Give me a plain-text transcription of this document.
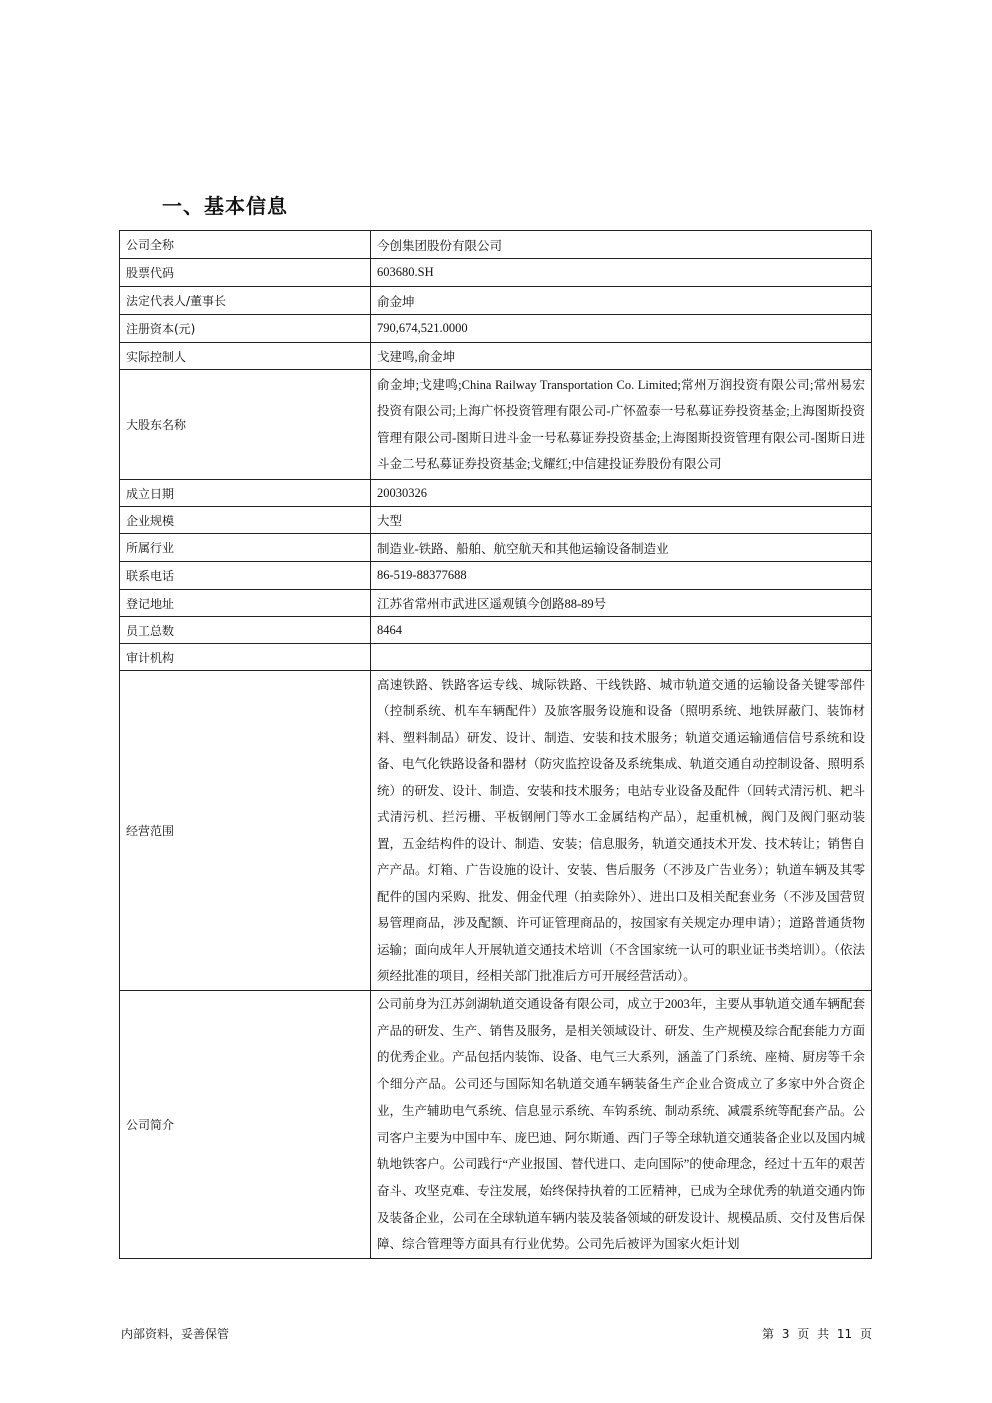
一、基本信息
公司全称	今创集团股份有限公司
股票代码	603680.SH
法定代表人/董事长	俞金坤
注册资本(元)	790,674,521.0000
实际控制人	戈建鸣,俞金坤
大股东名称	俞金坤;戈建鸣;China Railway Transportation Co. Limited;常州万润投资有限公司;常州易宏投资有限公司;上海广怀投资管理有限公司-广怀盈泰一号私募证券投资基金;上海图斯投资管理有限公司-图斯日进斗金一号私募证券投资基金;上海图斯投资管理有限公司-图斯日进斗金二号私募证券投资基金;戈耀红;中信建投证券股份有限公司
成立日期	20030326
企业规模	大型
所属行业	制造业-铁路、船舶、航空航天和其他运输设备制造业
联系电话	86-519-88377688
登记地址	江苏省常州市武进区遥观镇今创路88-89号
员工总数	8464
审计机构	
经营范围	高速铁路、铁路客运专线、城际铁路、干线铁路、城市轨道交通的运输设备关键零部件（控制系统、机车车辆配件）及旅客服务设施和设备（照明系统、地铁屏蔽门、装饰材料、塑料制品）研发、设计、制造、安装和技术服务；轨道交通运输通信信号系统和设备、电气化铁路设备和器材（防灾监控设备及系统集成、轨道交通自动控制设备、照明系统）的研发、设计、制造、安装和技术服务；电站专业设备及配件（回转式清污机、耙斗式清污机、拦污栅、平板钢闸门等水工金属结构产品），起重机械，阀门及阀门驱动装置，五金结构件的设计、制造、安装；信息服务，轨道交通技术开发、技术转让；销售自产产品。灯箱、广告设施的设计、安装、售后服务（不涉及广告业务）；轨道车辆及其零配件的国内采购、批发、佣金代理（拍卖除外）、进出口及相关配套业务（不涉及国营贸易管理商品，涉及配额、许可证管理商品的，按国家有关规定办理申请）；道路普通货物运输；面向成年人开展轨道交通技术培训（不含国家统一认可的职业证书类培训）。（依法须经批准的项目，经相关部门批准后方可开展经营活动）。
公司简介	公司前身为江苏剑湖轨道交通设备有限公司，成立于2003年，主要从事轨道交通车辆配套产品的研发、生产、销售及服务，是相关领域设计、研发、生产规模及综合配套能力方面的优秀企业。产品包括内装饰、设备、电气三大系列，涵盖了门系统、座椅、厨房等千余个细分产品。公司还与国际知名轨道交通车辆装备生产企业合资成立了多家中外合资企业，生产辅助电气系统、信息显示系统、车钩系统、制动系统、减震系统等配套产品。公司客户主要为中国中车、庞巴迪、阿尔斯通、西门子等全球轨道交通装备企业以及国内城轨地铁客户。公司践行“产业报国、替代进口、走向国际”的使命理念，经过十五年的艰苦奋斗、攻坚克难、专注发展，始终保持执着的工匠精神，已成为全球优秀的轨道交通内饰及装备企业，公司在全球轨道车辆内装及装备领域的研发设计、规模品质、交付及售后保障、综合管理等方面具有行业优势。公司先后被评为国家火炬计划
内部资料，妥善保管	第 3 页 共 11 页
